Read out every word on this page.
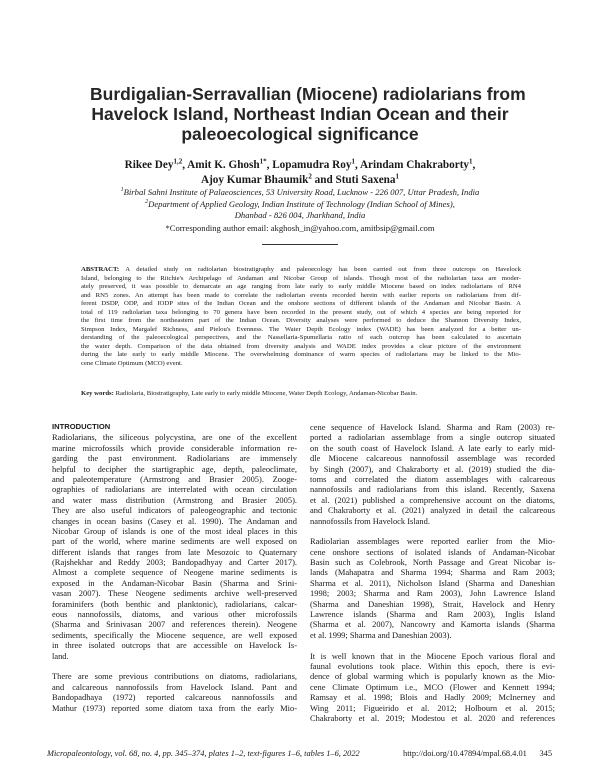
Burdigalian-Serravallian (Miocene) radiolarians from
Havelock Island, Northeast Indian Ocean and their
paleoecological significance
Rikee Dey$^{1,2}$, Amit K. Ghosh$^{1*}$, Lopamudra Roy$^1$, Arindam Chakraborty$^1$,
Ajoy Kumar Bhaumik$^2$ and Stuti Saxena$^1$
$^1$Birbal Sahni Institute of Palaeosciences, 53 University Road, Lucknow - 226 007, Uttar Pradesh, India
$^2$Department of Applied Geology, Indian Institute of Technology (Indian School of Mines),
Dhanbad - 826 004, Jharkhand, India
*Corresponding author email: akghosh_in@yahoo.com, amitbsip@gmail.com
ABSTRACT: A detailed study on radiolarian biostratigraphy and paleoecology has been carried out from three outcrops on Havelock
Island, belonging to the Ritchie's Archipelago of Andaman and Nicobar Group of islands. Though most of the radiolarian taxa are moder-
ately preserved, it was possible to demarcate an age ranging from late early to early middle Miocene based on index radiolarians of RN4
and RN5 zones. An attempt has been made to correlate the radiolarian events recorded herein with earlier reports on radiolarians from dif-
ferent DSDP, ODP, and IODP sites of the Indian Ocean and the onshore sections of different islands of the Andaman and Nicobar Basin. A
total of 119 radiolarian taxa belonging to 70 genera have been recorded in the present study, out of which 4 species are being reported for
the first time from the northeastern part of the Indian Ocean. Diversity analyses were performed to deduce the Shannon Diversity Index,
Simpson Index, Margalef Richness, and Pielou's Evenness. The Water Depth Ecology index (WADE) has been analyzed for a better un-
derstanding of the paleoecological perspectives, and the Nassellaria-Spumellaria ratio of each outcrop has been calculated to ascertain
the water depth. Comparison of the data obtained from diversity analysis and WADE index provides a clear picture of the environment
during the late early to early middle Miocene. The overwhelming dominance of warm species of radiolarians may be linked to the Mio-
cene Climate Optimum (MCO) event.
Key words: Radiolaria, Biostratigraphy, Late early to early middle Miocene, Water Depth Ecology, Andaman-Nicobar Basin.
INTRODUCTION
Radiolarians, the siliceous polycystina, are one of the excellent
marine microfossils which provide considerable information re-
garding the past environment. Radiolarians are immensely
helpful to decipher the startigraphic age, depth, paleoclimate,
and paleotemperature (Armstrong and Brasier 2005). Zooge-
ographies of radiolarians are interrelated with ocean circulation
and water mass distribution (Armstrong and Brasier 2005).
They are also useful indicators of paleogeographic and tectonic
changes in ocean basins (Casey et al. 1990). The Andaman and
Nicobar Group of islands is one of the most ideal places in this
part of the world, where marine sediments are well exposed on
different islands that ranges from late Mesozoic to Quaternary
(Rajshekhar and Reddy 2003; Bandopadhyay and Carter 2017).
Almost a complete sequence of Neogene marine sediments is
exposed in the Andaman-Nicobar Basin (Sharma and Srini-
vasan 2007). These Neogene sediments archive well-preserved
foraminifers (both benthic and planktonic), radiolarians, calcar-
eous nannofossils, diatoms, and various other microfossils
(Sharma and Srinivasan 2007 and references therein). Neogene
sediments, specifically the Miocene sequence, are well exposed
in three isolated outcrops that are accessible on Havelock Is-
land.
There are some previous contributions on diatoms, radiolarians,
and calcareous nannofossils from Havelock Island. Pant and
Bandopadhaya (1972) reported calcareous nannofossils and
Mathur (1973) reported some diatom taxa from the early Mio-
cene sequence of Havelock Island. Sharma and Ram (2003) re-
ported a radiolarian assemblage from a single outcrop situated
on the south coast of Havelock Island. A late early to early mid-
dle Miocene calcareous nannofossil assemblage was recorded
by Singh (2007), and Chakraborty et al. (2019) studied the dia-
toms and correlated the diatom assemblages with calcareous
nannofossils and radiolarians from this island. Recently, Saxena
et al. (2021) published a comprehensive account on the diatoms,
and Chakraborty et al. (2021) analyzed in detail the calcareous
nannofossils from Havelock Island.
Radiolarian assemblages were reported earlier from the Mio-
cene onshore sections of isolated islands of Andaman-Nicobar
Basin such as Colebrook, North Passage and Great Nicobar is-
lands (Mahapatra and Sharma 1994; Sharma and Ram 2003;
Sharma et al. 2011), Nicholson Island (Sharma and Daneshian
1998; 2003; Sharma and Ram 2003), John Lawrence Island
(Sharma and Daneshian 1998), Strait, Havelock and Henry
Lawrence islands (Sharma and Ram 2003), Inglis Island
(Sharma et al. 2007), Nancowry and Kamorta islands (Sharma
et al. 1999; Sharma and Daneshian 2003).
It is well known that in the Miocene Epoch various floral and
faunal evolutions took place. Within this epoch, there is evi-
dence of global warming which is popularly known as the Mio-
cene Climate Optimum i.e., MCO (Flower and Kennett 1994;
Ramsay et al. 1998; Blois and Hadly 2009; McInerney and
Wing 2011; Figueirido et al. 2012; Holbourn et al. 2015;
Chakraborty et al. 2019; Modestou et al. 2020 and references
Micropaleontology, vol. 68, no. 4, pp. 345–374, plates 1–2, text-figures 1–6, tables 1–6, 2022	http://doi.org/10.47894/mpal.68.4.01 345
